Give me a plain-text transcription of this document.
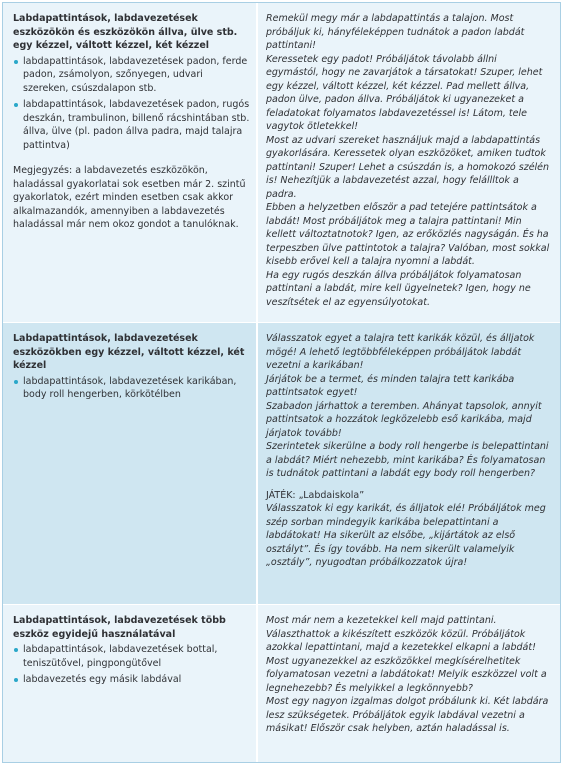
Labdapattintások, labdavezetések eszközökön és eszközökön állva, ülve stb. egy kézzel, váltott kézzel, két kézzel
labdapattintások, labdavezetések padon, ferde padon, zsámolyon, szőnyegen, udvari szereken, csúszdalapon stb.
labdapattintások, labdavezetések padon, rugós deszkán, trambulinon, billenő rácshintában stb. állva, ülve (pl. padon állva padra, majd talajra pattintva)
Megjegyzés: a labdavezetés eszközökön, haladással gyakorlatai sok esetben már 2. szintű gyakorlatok, ezért minden esetben csak akkor alkalmazandók, amennyiben a labdavezetés haladással már nem okoz gondot a tanulóknak.
Remekül megy már a labdapattintás a talajon. Most próbáljuk ki, hányféleképpen tudnátok a padon labdát pattintani!
Keressetek egy padot! Próbáljátok távolabb állni egymástól, hogy ne zavarjátok a társatokat! Szuper, lehet egy kézzel, váltott kézzel, két kézzel. Pad mellett állva, padon ülve, padon állva. Próbáljátok ki ugyanezeket a feladatokat folyamatos labdavezetéssel is! Látom, tele vagytok ötletekkel!
Most az udvari szereket használjuk majd a labdapattintás gyakorlására. Keressetek olyan eszközöket, amiken tudtok pattintani! Szuper! Lehet a csúszdán is, a homokozó szélén is! Nehezítjük a labdavezetést azzal, hogy felállltok a padra.
Ebben a helyzetben először a pad tetejére pattintsátok a labdát! Most próbáljátok meg a talajra pattintani! Min kellett változtatnotok? Igen, az erőközlés nagyságán. És ha terpeszben ülve pattintotok a talajra? Valóban, most sokkal kisebb erővel kell a talajra nyomni a labdát.
Ha egy rugós deszkán állva próbáljátok folyamatosan pattintani a labdát, mire kell ügyelnetek? Igen, hogy ne veszítsétek el az egyensúlyotokat.
Labdapattintások, labdavezetések eszközökben egy kézzel, váltott kézzel, két kézzel
labdapattintások, labdavezetések karikában, body roll hengerben, körkötélben
Válasszatok egyet a talajra tett karikák közül, és álljatok mögé! A lehető legtöbbféleképpen próbáljátok labdát vezetni a karikában!
Járjátok be a termet, és minden talajra tett karikába pattintsatok egyet!
Szabadon járhattok a teremben. Ahányat tapsolok, annyit pattintsatok a hozzátok legközelebb eső karikába, majd járjatok tovább!
Szerintetek sikerülne a body roll hengerbe is belepattintani a labdát? Miért nehezebb, mint karikába? És folyamatosan is tudnátok pattintani a labdát egy body roll hengerben?
JÁTÉK: „Labdaiskola”
Válasszatok ki egy karikát, és álljatok elé! Próbáljátok meg szép sorban mindegyik karikába belepattintani a labdátokat! Ha sikerült az elsőbe, „kijártátok az első osztályt”. És így tovább. Ha nem sikerült valamelyik „osztály”, nyugodtan próbálkozzatok újra!
Labdapattintások, labdavezetések több eszköz egyidejű használatával
labdapattintások, labdavezetések bottal, teniszütővel, pingpongütővel
labdavezetés egy másik labdával
Most már nem a kezetekkel kell majd pattintani. Választhattok a kikészített eszközök közül. Próbáljátok azokkal lepattintani, majd a kezetekkel elkapni a labdát!
Most ugyanezekkel az eszközökkel megkísérelhetitek folyamatosan vezetni a labdátokat! Melyik eszközzel volt a legnehezebb? És melyikkel a legkönnyebb?
Most egy nagyon izgalmas dolgot próbálunk ki. Két labdára lesz szükségetek. Próbáljátok egyik labdával vezetni a másikat! Először csak helyben, aztán haladással is.
